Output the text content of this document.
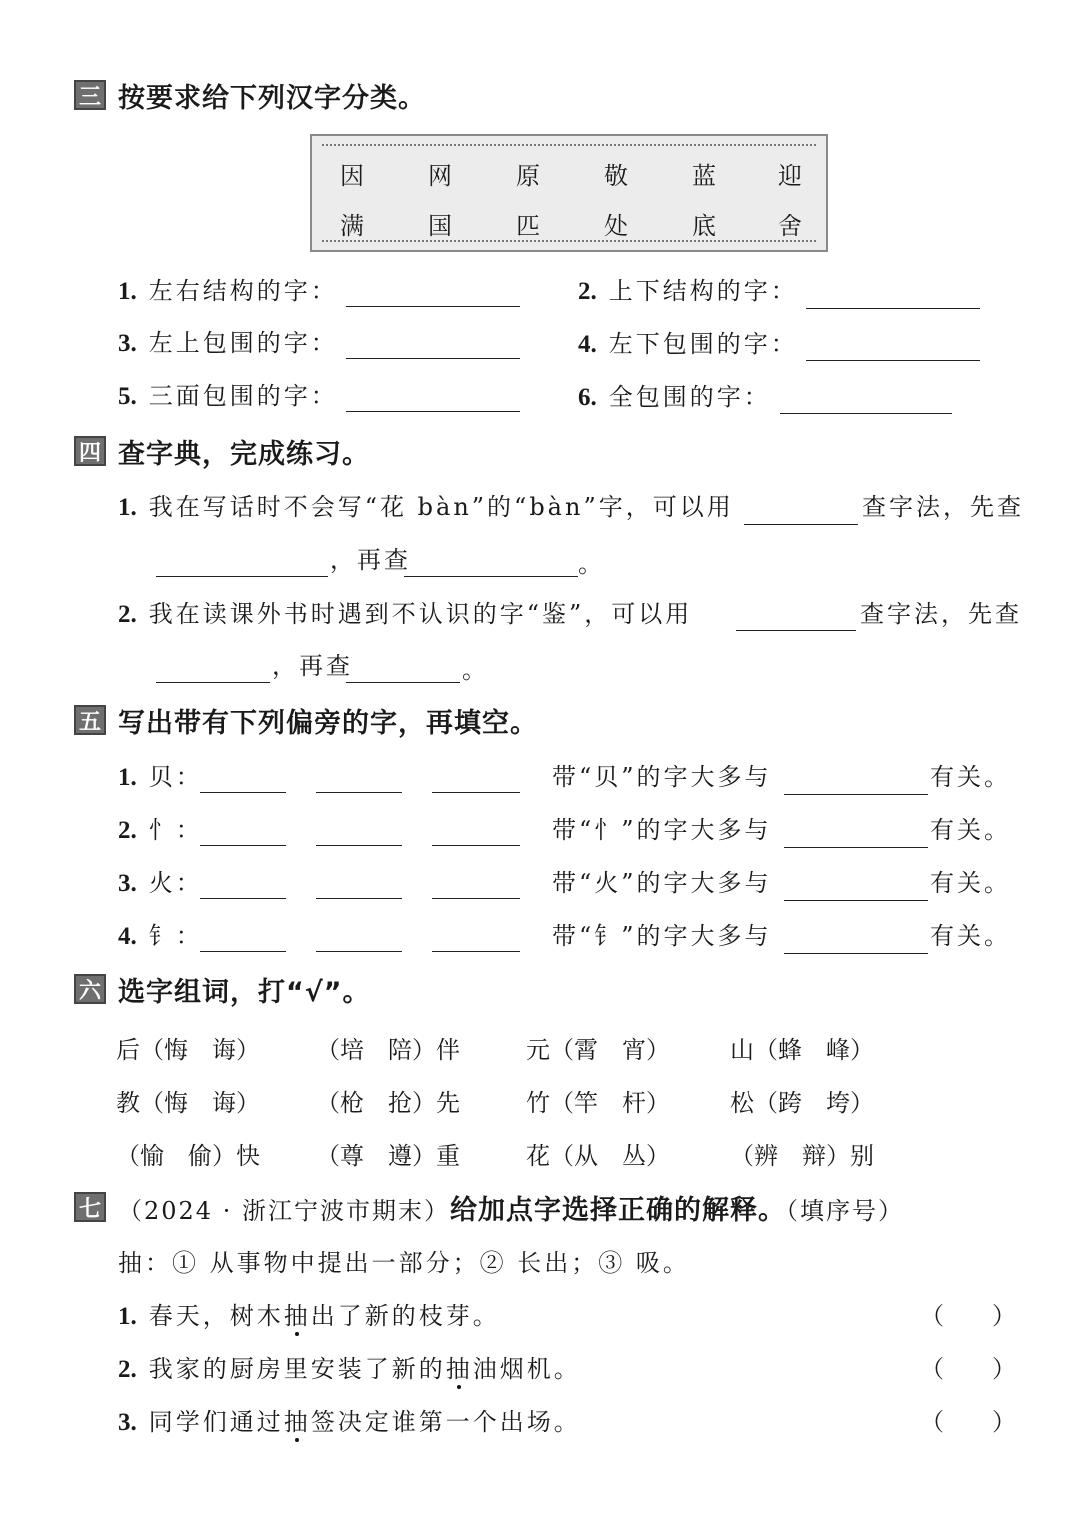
三 按要求给下列汉字分类。
因	网	原	敬	蓝	迎
满	国	匹	处	底	舍
1. 左右结构的字：	2. 上下结构的字：
3. 左上包围的字：	4. 左下包围的字：
5. 三面包围的字：	6. 全包围的字：
四 查字典，完成练习。
1. 我在写话时不会写“花 bàn”的“bàn”字，可以用	查字法，先查
，再查	。
2. 我在读课外书时遇到不认识的字“鉴”，可以用	查字法，先查
，再查	。
五 写出带有下列偏旁的字，再填空。
1. 贝：	带“贝”的字大多与	有关。
2. 忄：	带“忄”的字大多与	有关。
3. 火：	带“火”的字大多与	有关。
4. 钅：	带“钅”的字大多与	有关。
六 选字组词，打“√”。
后（悔　诲） （培　陪）伴	元（霄　宵）	山（蜂　峰）
教（悔　诲） （枪　抢）先	竹（竿　杆）	松（跨　垮）
（愉　偷）快 （尊　遵）重	花（从　丛）	（辨　辩）别
七 （2024 · 浙江宁波市期末）给加点字选择正确的解释。（填序号）
抽：① 从事物中提出一部分；② 长出；③ 吸。
1. 春天，树木抽出了新的枝芽。	（　　）
2. 我家的厨房里安装了新的抽油烟机。	（　　）
3. 同学们通过抽签决定谁第一个出场。	（　　）
